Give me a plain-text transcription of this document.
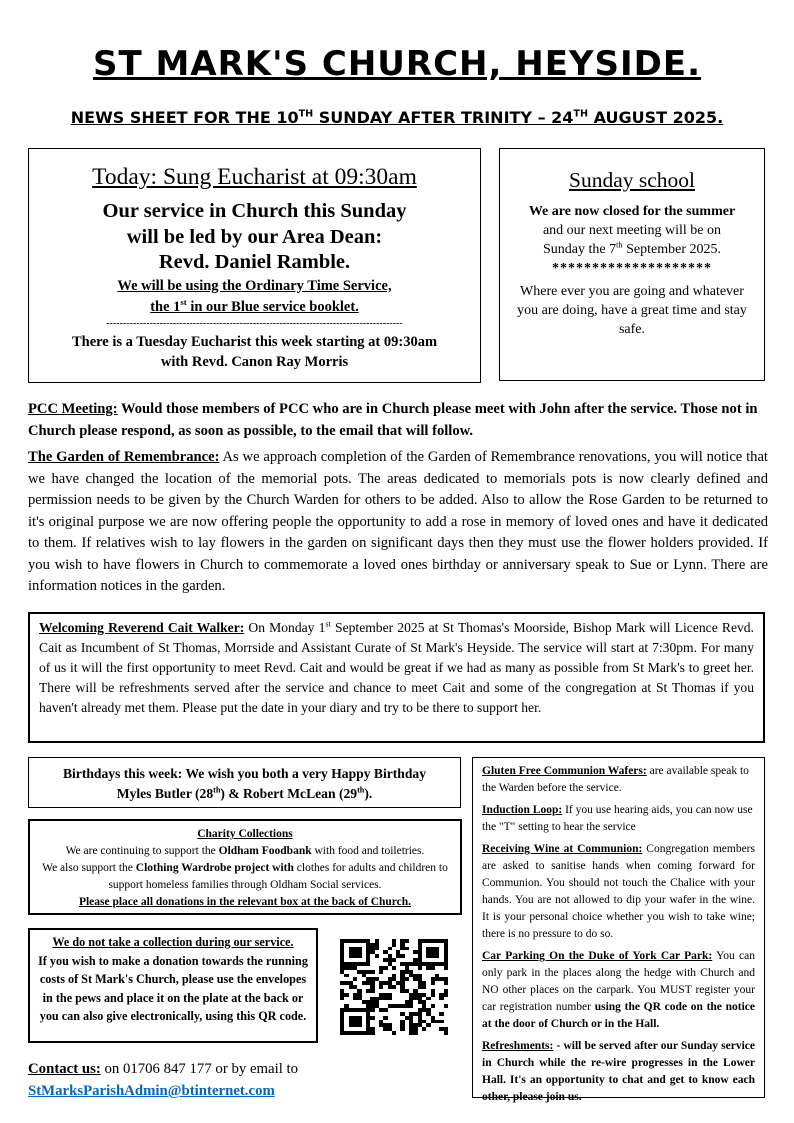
ST MARK'S CHURCH, HEYSIDE.
NEWS SHEET FOR THE 10TH SUNDAY AFTER TRINITY – 24TH AUGUST 2025.
Today: Sung Eucharist at 09:30am
Our service in Church this Sunday
will be led by our Area Dean:
Revd. Daniel Ramble.
We will be using the Ordinary Time Service,
the 1st in our Blue service booklet.
-----------------------------------------------------------------------------------------
There is a Tuesday Eucharist this week starting at 09:30am
with Revd. Canon Ray Morris
Sunday school
We are now closed for the summer
and our next meeting will be on
Sunday the 7th September 2025.
********************
Where ever you are going and whatever you are doing, have a great time and stay safe.
PCC Meeting: Would those members of PCC who are in Church please meet with John after the service. Those not in Church please respond, as soon as possible, to the email that will follow.
The Garden of Remembrance: As we approach completion of the Garden of Remembrance renovations, you will notice that we have changed the location of the memorial pots. The areas dedicated to memorials pots is now clearly defined and permission needs to be given by the Church Warden for others to be added. Also to allow the Rose Garden to be returned to it's original purpose we are now offering people the opportunity to add a rose in memory of loved ones and have it dedicated to them. If relatives wish to lay flowers in the garden on significant days then they must use the flower holders provided. If you wish to have flowers in Church to commemorate a loved ones birthday or anniversary speak to Sue or Lynn. There are information notices in the garden.

Welcoming Reverend Cait Walker: On Monday 1st September 2025 at St Thomas's Moorside, Bishop Mark will Licence Revd. Cait as Incumbent of St Thomas, Morrside and Assistant Curate of St Mark's Heyside. The service will start at 7:30pm. For many of us it will the first opportunity to meet Revd. Cait and would be great if we had as many as possible from St Mark's to greet her. There will be refreshments served after the service and chance to meet Cait and some of the congregation at St Thomas if you haven't already met them. Please put the date in your diary and try to be there to support her.

Birthdays this week: We wish you both a very Happy Birthday
Myles Butler (28th) & Robert McLean (29th).
Charity Collections
We are continuing to support the Oldham Foodbank with food and toiletries.
We also support the Clothing Wardrobe project with clothes for adults and children to support homeless families through Oldham Social services.
Please place all donations in the relevant box at the back of Church.
We do not take a collection during our service.
If you wish to make a donation towards the running costs of St Mark's Church, please use the envelopes in the pews and place it on the plate at the back or you can also give electronically, using this QR code.
Contact us: on 01706 847 177 or by email to
StMarksParishAdmin@btinternet.com

Gluten Free Communion Wafers: are available speak to the Warden before the service.

Induction Loop: If you use hearing aids, you can now use the "T" setting to hear the service

Receiving Wine at Communion: Congregation members are asked to sanitise hands when coming forward for Communion. You should not touch the Chalice with your hands. You are not allowed to dip your wafer in the wine. It is your personal choice whether you wish to take wine; there is no pressure to do so.

Car Parking On the Duke of York Car Park: You can only park in the places along the hedge with Church and NO other places on the carpark. You MUST register your car registration number using the QR code on the notice at the door of Church or in the Hall.

Refreshments: - will be served after our Sunday service in Church while the re-wire progresses in the Lower Hall. It's an opportunity to chat and get to know each other, please join us.
